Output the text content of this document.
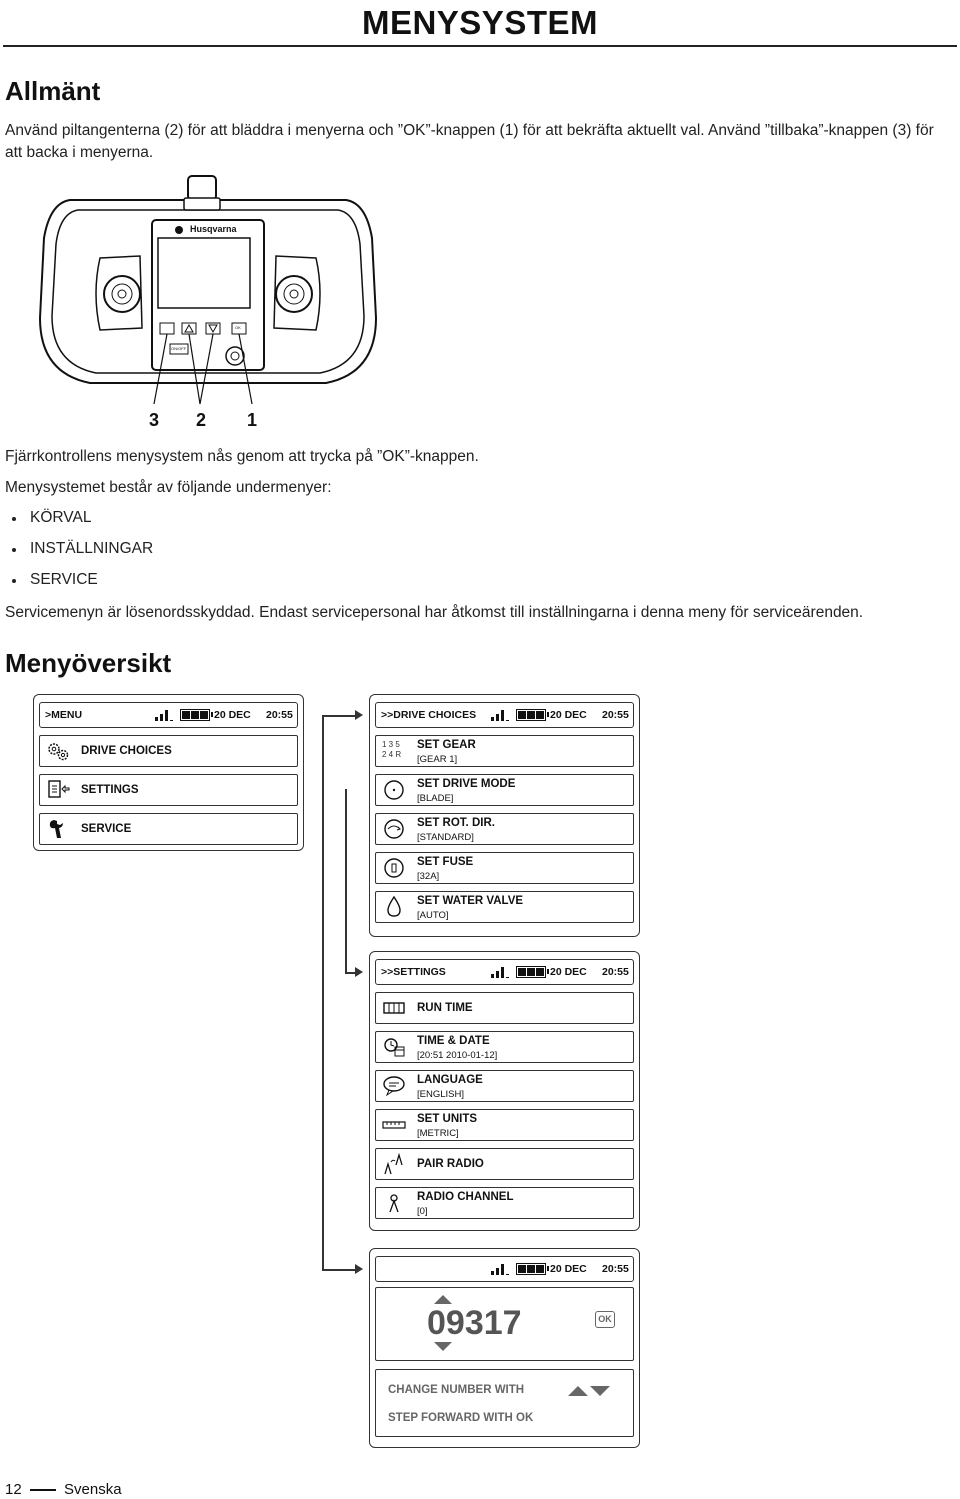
MENYSYSTEM
Allmänt
Använd piltangenterna (2) för att bläddra i menyerna och ”OK”-knappen (1) för att bekräfta aktuellt val. Använd ”tillbaka”-knappen (3) för att backa i menyerna.
Husqvarna
ON/OFF
OK
3 2 1
Fjärrkontrollens menysystem nås genom att trycka på ”OK”-knappen.
Menysystemet består av följande undermenyer:
KÖRVAL
INSTÄLLNINGAR
SERVICE
Servicemenyn är lösenordsskyddad. Endast servicepersonal har åtkomst till inställningarna i denna meny för serviceärenden.
Menyöversikt
>MENU	20 DEC 20:55
DRIVE CHOICES
SETTINGS
SERVICE
>>DRIVE CHOICES	20 DEC 20:55
1 3 5
2 4 R
SET GEAR
[GEAR 1]
SET DRIVE MODE
[BLADE]
SET ROT. DIR.
[STANDARD]
SET FUSE
[32A]
SET WATER VALVE
[AUTO]
>>SETTINGS	20 DEC 20:55
RUN TIME
TIME & DATE
[20:51 2010-01-12]
LANGUAGE
[ENGLISH]
SET UNITS
[METRIC]
PAIR RADIO
RADIO CHANNEL
[0]
20 DEC 20:55
09317	OK
CHANGE NUMBER WITH
STEP FORWARD WITH OK
12	Svenska
